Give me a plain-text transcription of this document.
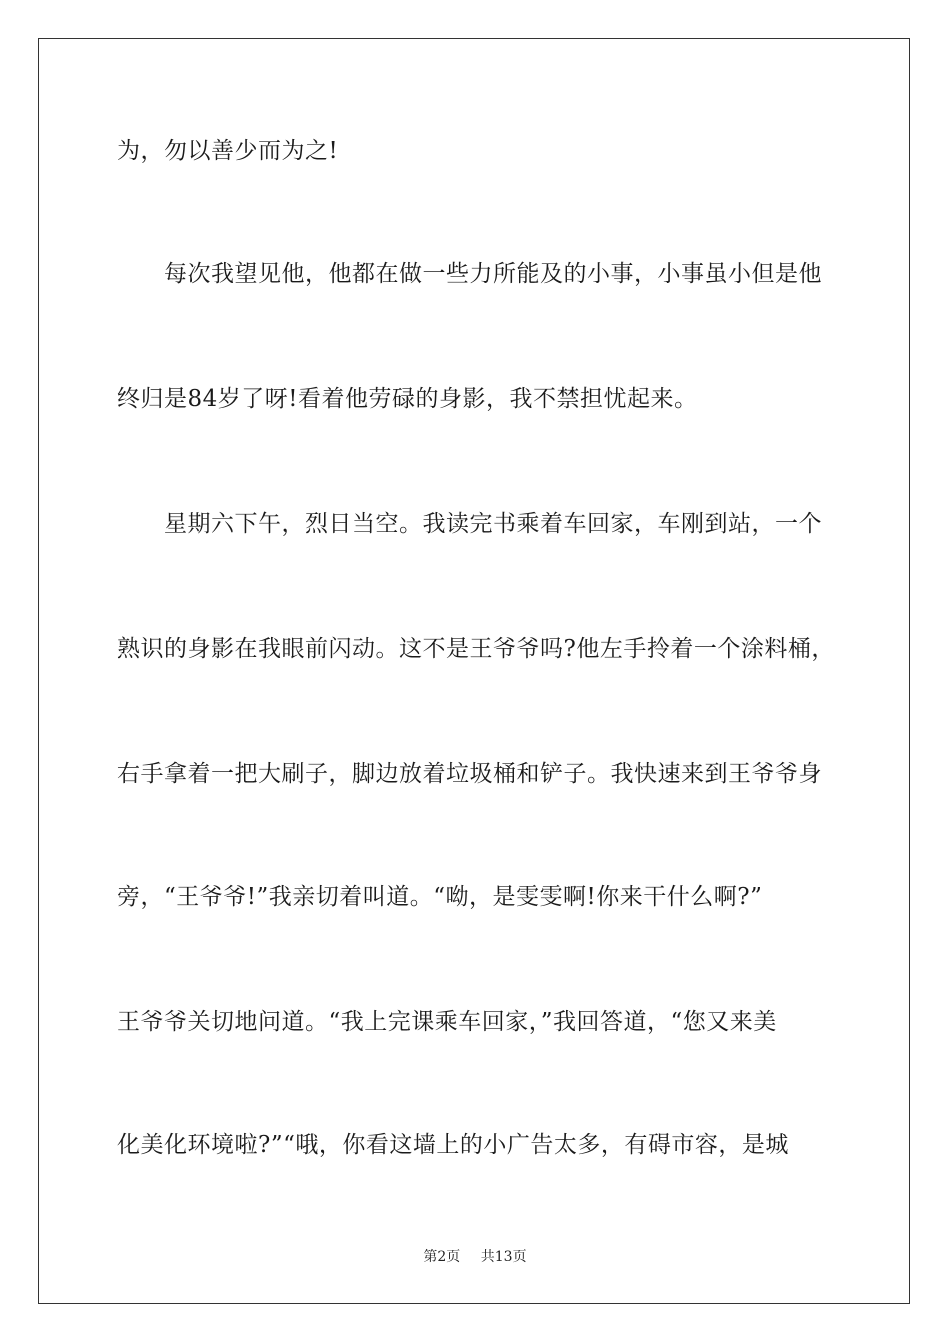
为，勿以善少而为之!
　　每次我望见他，他都在做一些力所能及的小事，小事虽小但是他
终归是84岁了呀!看着他劳碌的身影，我不禁担忧起来。
　　星期六下午，烈日当空。我读完书乘着车回家，车刚到站，一个
熟识的身影在我眼前闪动。这不是王爷爷吗?他左手拎着一个涂料桶，
右手拿着一把大刷子，脚边放着垃圾桶和铲子。我快速来到王爷爷身
旁，“王爷爷!”我亲切着叫道。“呦，是雯雯啊!你来干什么啊?”
王爷爷关切地问道。“我上完课乘车回家，”我回答道，“您又来美
化美化环境啦?”“哦，你看这墙上的小广告太多，有碍市容，是城
第2页 共13页
